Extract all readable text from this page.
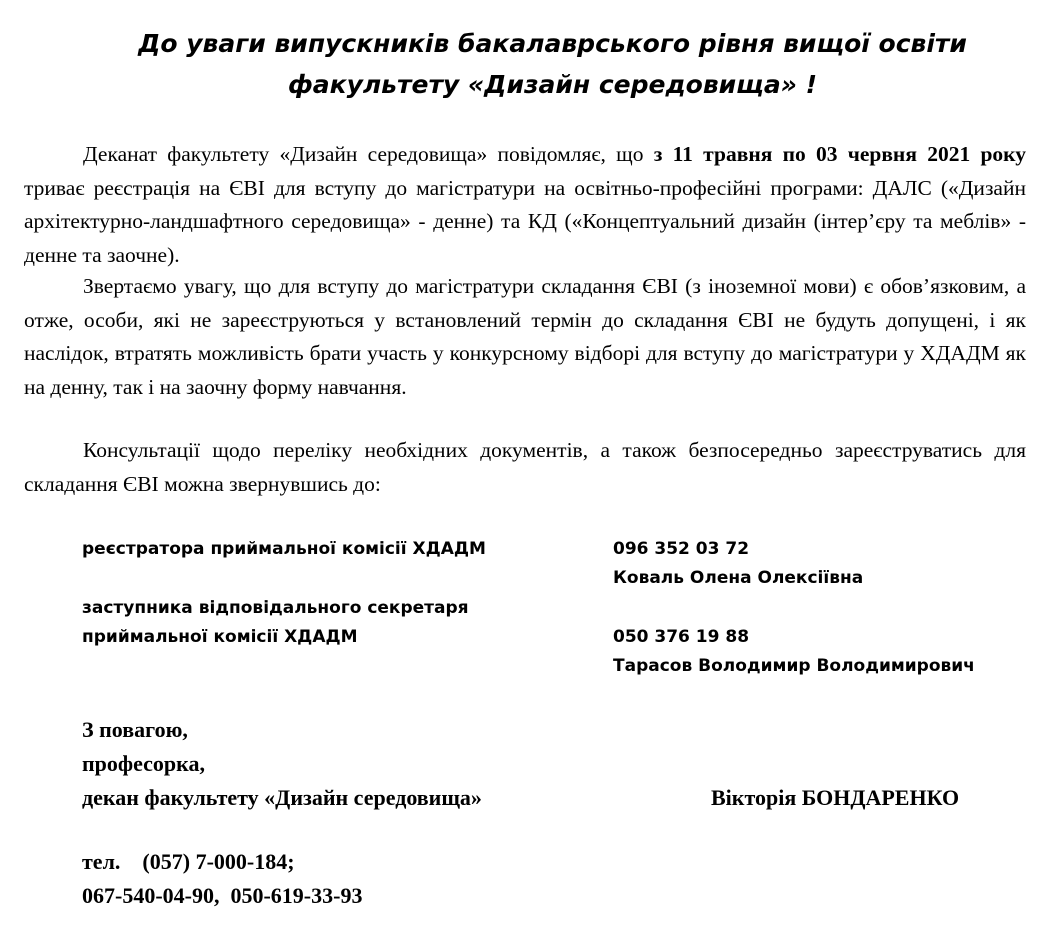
До уваги випускників бакалаврського рівня вищої освіти
факультету «Дизайн середовища» !

Деканат факультету «Дизайн середовища» повідомляє, що з 11 травня по 03 червня 2021 року триває реєстрація на ЄВІ для вступу до магістратури на освітньо-професійні програми: ДАЛС («Дизайн архітектурно-ландшафтного середовища» - денне) та КД («Концептуальний дизайн (інтер’єру та меблів» - денне та заочне).

Звертаємо увагу, що для вступу до магістратури складання ЄВІ (з іноземної мови) є обов’язковим, а отже, особи, які не зареєструються у встановлений термін до складання ЄВІ не будуть допущені, і як наслідок, втратять можливість брати участь у конкурсному відборі для вступу до магістратури у ХДАДМ як на денну, так і на заочну форму навчання.

Консультації щодо переліку необхідних документів, а також безпосередньо зареєструватись для складання ЄВІ можна звернувшись до:

реєстратора приймальної комісії ХДАДМ	096 352 03 72
Коваль Олена Олексіївна
заступника відповідального секретаря
приймальної комісії ХДАДМ	050 376 19 88
Тарасов Володимир Володимирович
З повагою,
професорка,
декан факультету «Дизайн середовища»	Вікторія БОНДАРЕНКО
тел.    (057) 7-000-184;
067-540-04-90,  050-619-33-93
